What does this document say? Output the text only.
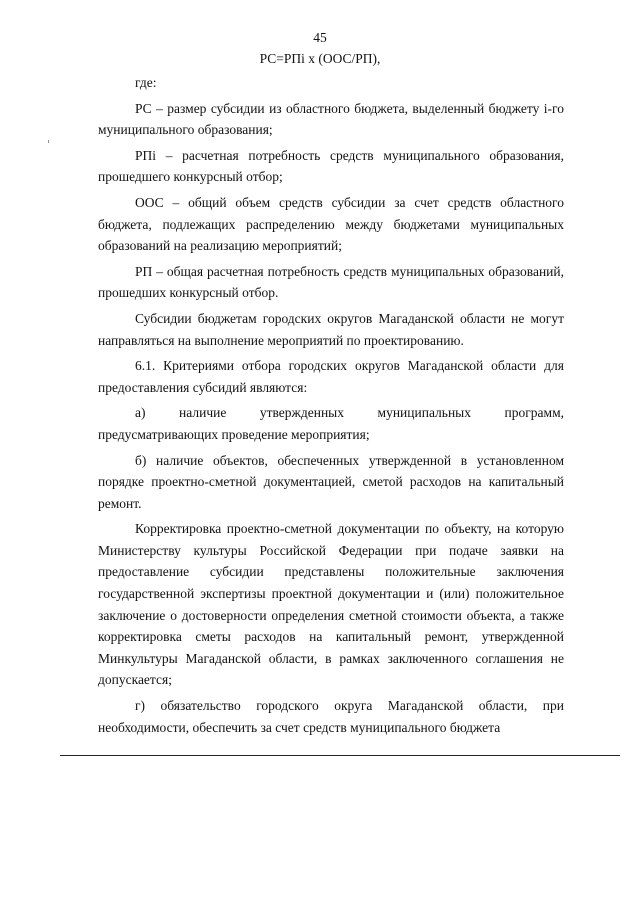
45
РС=РПi x (ООС/РП),

где:

РС – размер субсидии из областного бюджета, выделенный бюджету i-го муниципального образования;

РПi – расчетная потребность средств муниципального образования, прошедшего конкурсный отбор;

ООС – общий объем средств субсидии за счет средств областного бюджета, подлежащих распределению между бюджетами муниципальных образований на реализацию мероприятий;

РП – общая расчетная потребность средств муниципальных образований, прошедших конкурсный отбор.

Субсидии бюджетам городских округов Магаданской области не могут направляться на выполнение мероприятий по проектированию.

6.1. Критериями отбора городских округов Магаданской области для предоставления субсидий являются:

а) наличие утвержденных муниципальных программ, предусматривающих проведение мероприятия;

б) наличие объектов, обеспеченных утвержденной в установленном порядке проектно-сметной документацией, сметой расходов на капитальный ремонт.

Корректировка проектно-сметной документации по объекту, на которую Министерству культуры Российской Федерации при подаче заявки на предоставление субсидии представлены положительные заключения государственной экспертизы проектной документации и (или) положительное заключение о достоверности определения сметной стоимости объекта, а также корректировка сметы расходов на капитальный ремонт, утвержденной Минкультуры Магаданской области, в рамках заключенного соглашения не допускается;

г) обязательство городского округа Магаданской области, при необходимости, обеспечить за счет средств муниципального бюджета
